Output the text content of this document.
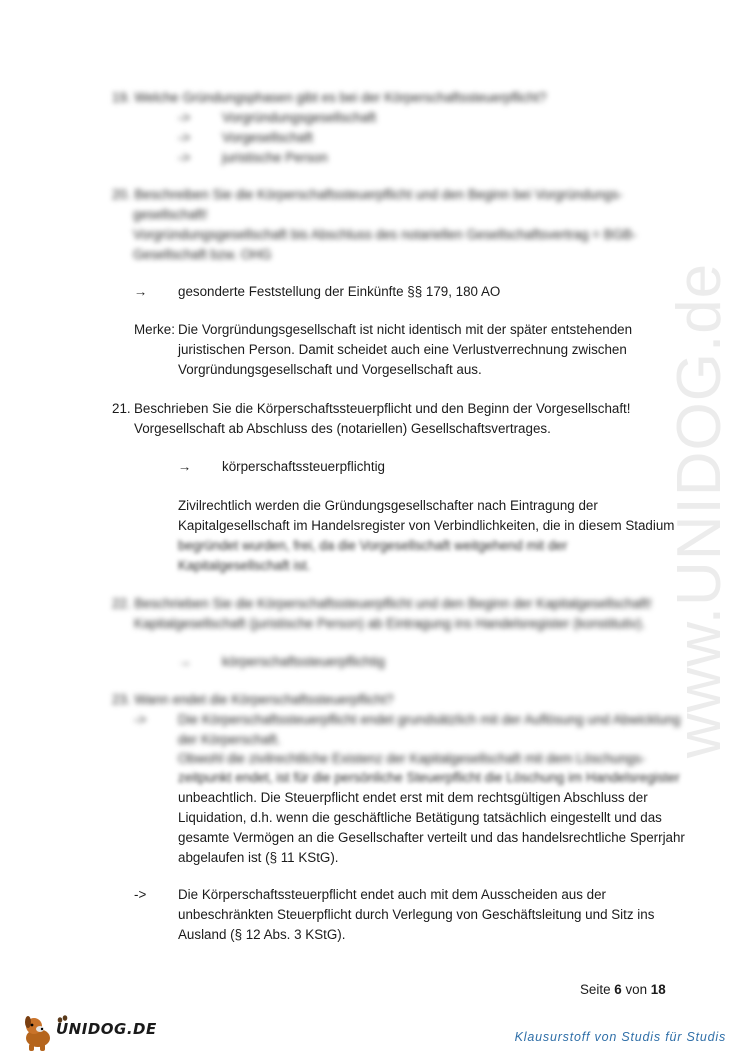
www.UNIDOG.de
19. Welche Gründungsphasen gibt es bei der Körperschaftssteuerpflicht?
-> Vorgründungsgesellschaft
-> Vorgesellschaft
-> juristische Person
20. Beschreiben Sie die Körperschaftssteuerpflicht und den Beginn bei Vorgründungs-
gesellschaft!
Vorgründungsgesellschaft bis Abschluss des notariellen Gesellschaftsvertrag = BGB-
Gesellschaft bzw. OHG
→ gesonderte Feststellung der Einkünfte §§ 179, 180 AO
Merke: Die Vorgründungsgesellschaft ist nicht identisch mit der später entstehenden
juristischen Person. Damit scheidet auch eine Verlustverrechnung zwischen
Vorgründungsgesellschaft und Vorgesellschaft aus.
21. Beschrieben Sie die Körperschaftssteuerpflicht und den Beginn der Vorgesellschaft!
Vorgesellschaft ab Abschluss des (notariellen) Gesellschaftsvertrages.
→ körperschaftssteuerpflichtig
Zivilrechtlich werden die Gründungsgesellschafter nach Eintragung der
Kapitalgesellschaft im Handelsregister von Verbindlichkeiten, die in diesem Stadium
begründet wurden, frei, da die Vorgesellschaft weitgehend mit der
Kapitalgesellschaft ist.
22. Beschrieben Sie die Körperschaftssteuerpflicht und den Beginn der Kapitalgesellschaft!
Kapitalgesellschaft (juristische Person) ab Eintragung ins Handelsregister (konstitutiv).
→ körperschaftssteuerpflichtig
23. Wann endet die Körperschaftssteuerpflicht?
-> Die Körperschaftssteuerpflicht endet grundsätzlich mit der Auflösung und Abwicklung
der Körperschaft.
Obwohl die zivilrechtliche Existenz der Kapitalgesellschaft mit dem Löschungs-
zeitpunkt endet, ist für die persönliche Steuerpflicht die Löschung im Handelsregister
unbeachtlich. Die Steuerpflicht endet erst mit dem rechtsgültigen Abschluss der
Liquidation, d.h. wenn die geschäftliche Betätigung tatsächlich eingestellt und das
gesamte Vermögen an die Gesellschafter verteilt und das handelsrechtliche Sperrjahr
abgelaufen ist (§ 11 KStG).
-> Die Körperschaftssteuerpflicht endet auch mit dem Ausscheiden aus der
unbeschränkten Steuerpflicht durch Verlegung von Geschäftsleitung und Sitz ins
Ausland (§ 12 Abs. 3 KStG).
Seite 6 von 18
UNIDOG.DE	Klausurstoff von Studis für Studis
